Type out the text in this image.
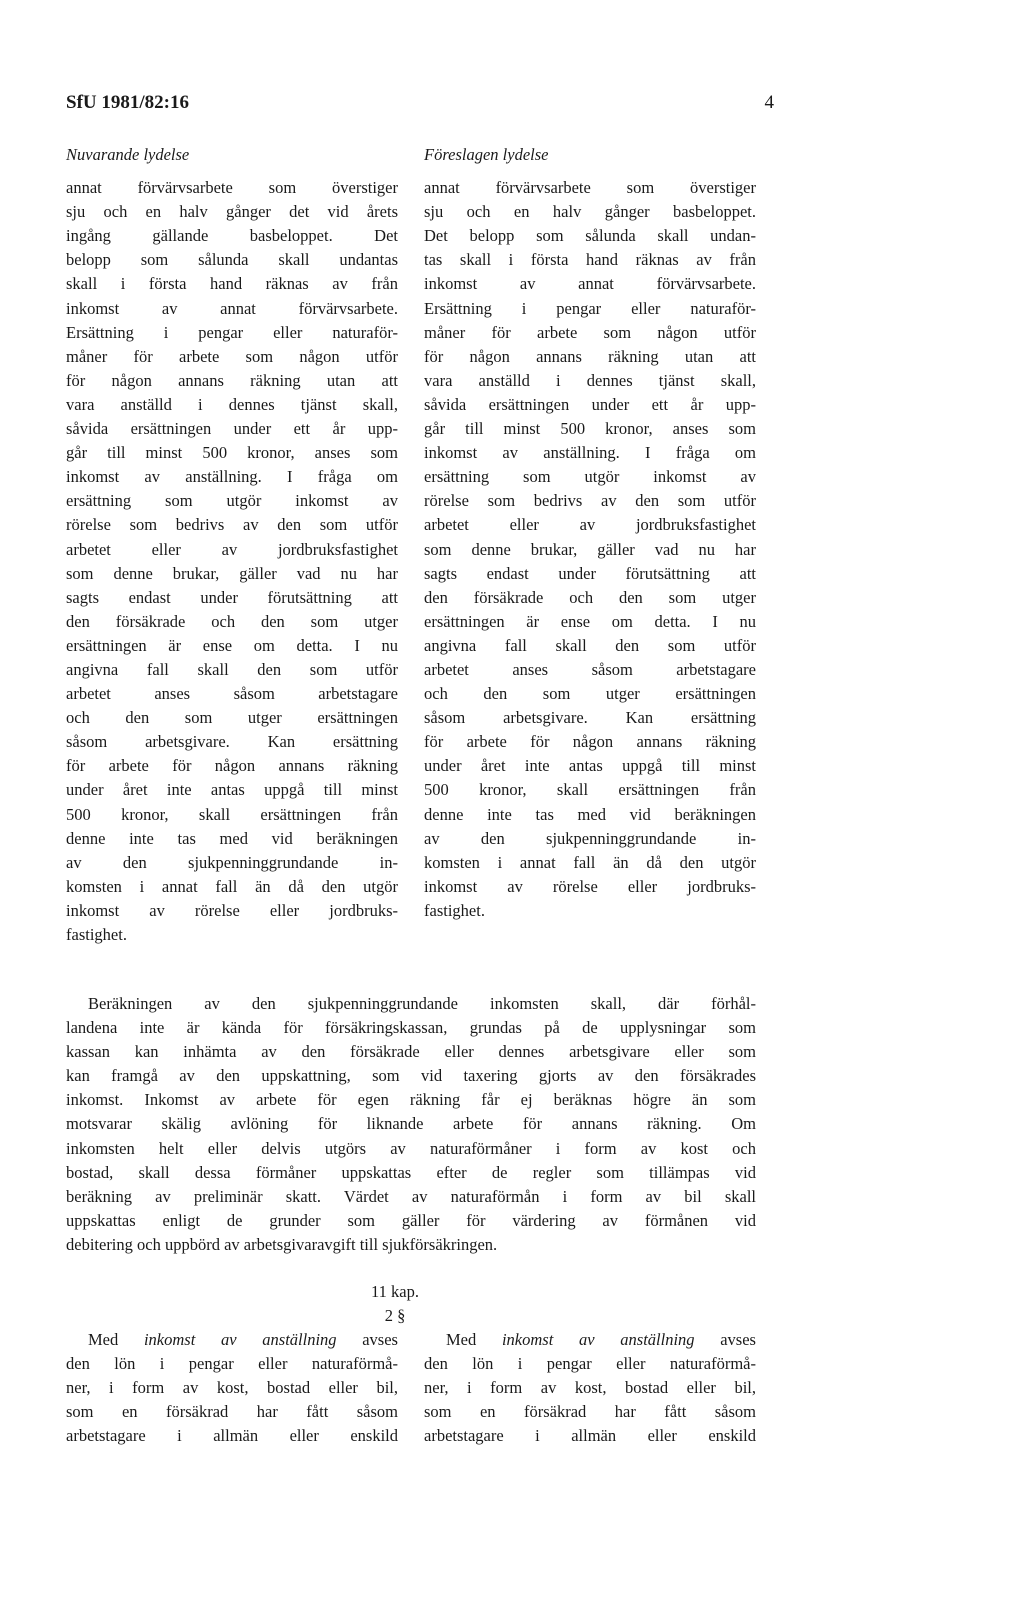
SfU 1981/82:16	4
Nuvarande lydelse
annat förvärvsarbete som överstiger
sju och en halv gånger det vid årets
ingång gällande basbeloppet. Det
belopp som sålunda skall undantas
skall i första hand räknas av från
inkomst av annat förvärvsarbete.
Ersättning i pengar eller naturaför-
måner för arbete som någon utför
för någon annans räkning utan att
vara anställd i dennes tjänst skall,
såvida ersättningen under ett år upp-
går till minst 500 kronor, anses som
inkomst av anställning. I fråga om
ersättning som utgör inkomst av
rörelse som bedrivs av den som utför
arbetet eller av jordbruksfastighet
som denne brukar, gäller vad nu har
sagts endast under förutsättning att
den försäkrade och den som utger
ersättningen är ense om detta. I nu
angivna fall skall den som utför
arbetet anses såsom arbetstagare
och den som utger ersättningen
såsom arbetsgivare. Kan ersättning
för arbete för någon annans räkning
under året inte antas uppgå till minst
500 kronor, skall ersättningen från
denne inte tas med vid beräkningen
av den sjukpenninggrundande in-
komsten i annat fall än då den utgör
inkomst av rörelse eller jordbruks-
fastighet.
Föreslagen lydelse
annat förvärvsarbete som överstiger
sju och en halv gånger basbeloppet.
Det belopp som sålunda skall undan-
tas skall i första hand räknas av från
inkomst av annat förvärvsarbete.
Ersättning i pengar eller naturaför-
måner för arbete som någon utför
för någon annans räkning utan att
vara anställd i dennes tjänst skall,
såvida ersättningen under ett år upp-
går till minst 500 kronor, anses som
inkomst av anställning. I fråga om
ersättning som utgör inkomst av
rörelse som bedrivs av den som utför
arbetet eller av jordbruksfastighet
som denne brukar, gäller vad nu har
sagts endast under förutsättning att
den försäkrade och den som utger
ersättningen är ense om detta. I nu
angivna fall skall den som utför
arbetet anses såsom arbetstagare
och den som utger ersättningen
såsom arbetsgivare. Kan ersättning
för arbete för någon annans räkning
under året inte antas uppgå till minst
500 kronor, skall ersättningen från
denne inte tas med vid beräkningen
av den sjukpenninggrundande in-
komsten i annat fall än då den utgör
inkomst av rörelse eller jordbruks-
fastighet.
Beräkningen av den sjukpenninggrundande inkomsten skall, där förhål-
landena inte är kända för försäkringskassan, grundas på de upplysningar som
kassan kan inhämta av den försäkrade eller dennes arbetsgivare eller som
kan framgå av den uppskattning, som vid taxering gjorts av den försäkrades
inkomst. Inkomst av arbete för egen räkning får ej beräknas högre än som
motsvarar skälig avlöning för liknande arbete för annans räkning. Om
inkomsten helt eller delvis utgörs av naturaförmåner i form av kost och
bostad, skall dessa förmåner uppskattas efter de regler som tillämpas vid
beräkning av preliminär skatt. Värdet av naturaförmån i form av bil skall
uppskattas enligt de grunder som gäller för värdering av förmånen vid
debitering och uppbörd av arbetsgivaravgift till sjukförsäkringen.
11 kap.
2 §
Med inkomst av anställning avses
den lön i pengar eller naturaförmå-
ner, i form av kost, bostad eller bil,
som en försäkrad har fått såsom
arbetstagare i allmän eller enskild
Med inkomst av anställning avses
den lön i pengar eller naturaförmå-
ner, i form av kost, bostad eller bil,
som en försäkrad har fått såsom
arbetstagare i allmän eller enskild
